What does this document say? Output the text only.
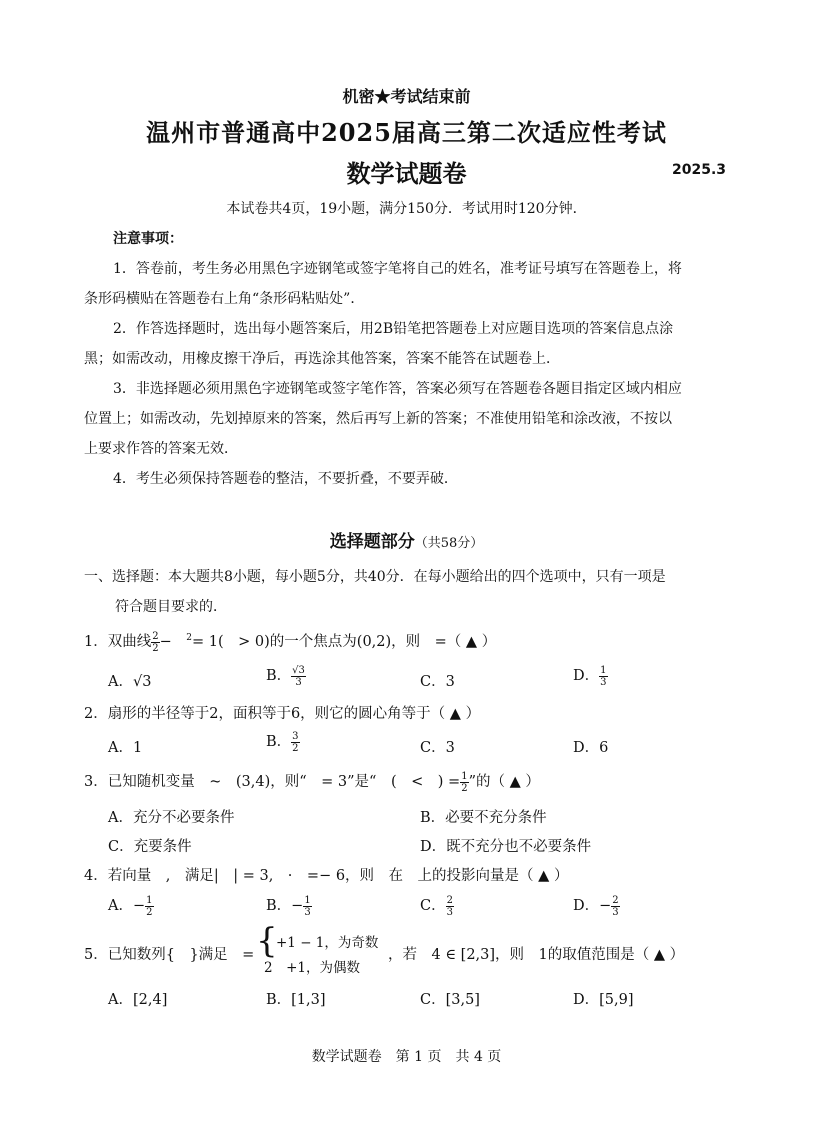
机密★考试结束前
温州市普通高中2025届高三第二次适应性考试
数学试题卷	2025.3
本试卷共4页，19小题，满分150分．考试用时120分钟．
注意事项：
1．答卷前，考生务必用黑色字迹钢笔或签字笔将自己的姓名，准考证号填写在答题卷上，将
条形码横贴在答题卷右上角“条形码粘贴处”．
2．作答选择题时，选出每小题答案后，用2B铅笔把答题卷上对应题目选项的答案信息点涂
黑；如需改动，用橡皮擦干净后，再选涂其他答案，答案不能答在试题卷上．
3．非选择题必须用黑色字迹钢笔或签字笔作答，答案必须写在答题卷各题目指定区域内相应
位置上；如需改动，先划掉原来的答案，然后再写上新的答案；不准使用铅笔和涂改液，不按以
上要求作答的答案无效．
4．考生必须保持答题卷的整洁，不要折叠，不要弄破．
选择题部分（共58分）
一、选择题：本大题共8小题，每小题5分，共40分．在每小题给出的四个选项中，只有一项是
符合题目要求的．
1．双曲线 $\frac{2}{2}$ −　 $^2$= 1(　> 0)的一个焦点为(0,2)，则　=（ ▲ ）
A．√3	B． $\frac{√3}{3}$	C．3	D． $\frac{1}{3}$
2．扇形的半径等于2，面积等于6，则它的圆心角等于（ ▲ ）
A．1	B． $\frac{3}{2}$	C．3	D．6
3．已知随机变量　~　(3,4)，则“　= 3”是“　(　<　) = $\frac{1}{2}$ ”的（ ▲ ）
A．充分不必要条件	B．必要不充分条件
C．充要条件	D．既不充分也不必要条件
4．若向量　,　满足|　| = 3,　·　=− 6，则　在　上的投影向量是（ ▲ ）
A．− $\frac{1}{2}$	B．− $\frac{1}{3}$	C． $\frac{2}{3}$	D．− $\frac{2}{3}$
5．已知数列{　}满足　= {
+1 − 1，为奇数
2　+1，为偶数
，若　4 ∈ [2,3]，则　1的取值范围是（ ▲ ）
A．[2,4]	B．[1,3]	C．[3,5]	D．[5,9]
数学试题卷　第 1 页　共 4 页
